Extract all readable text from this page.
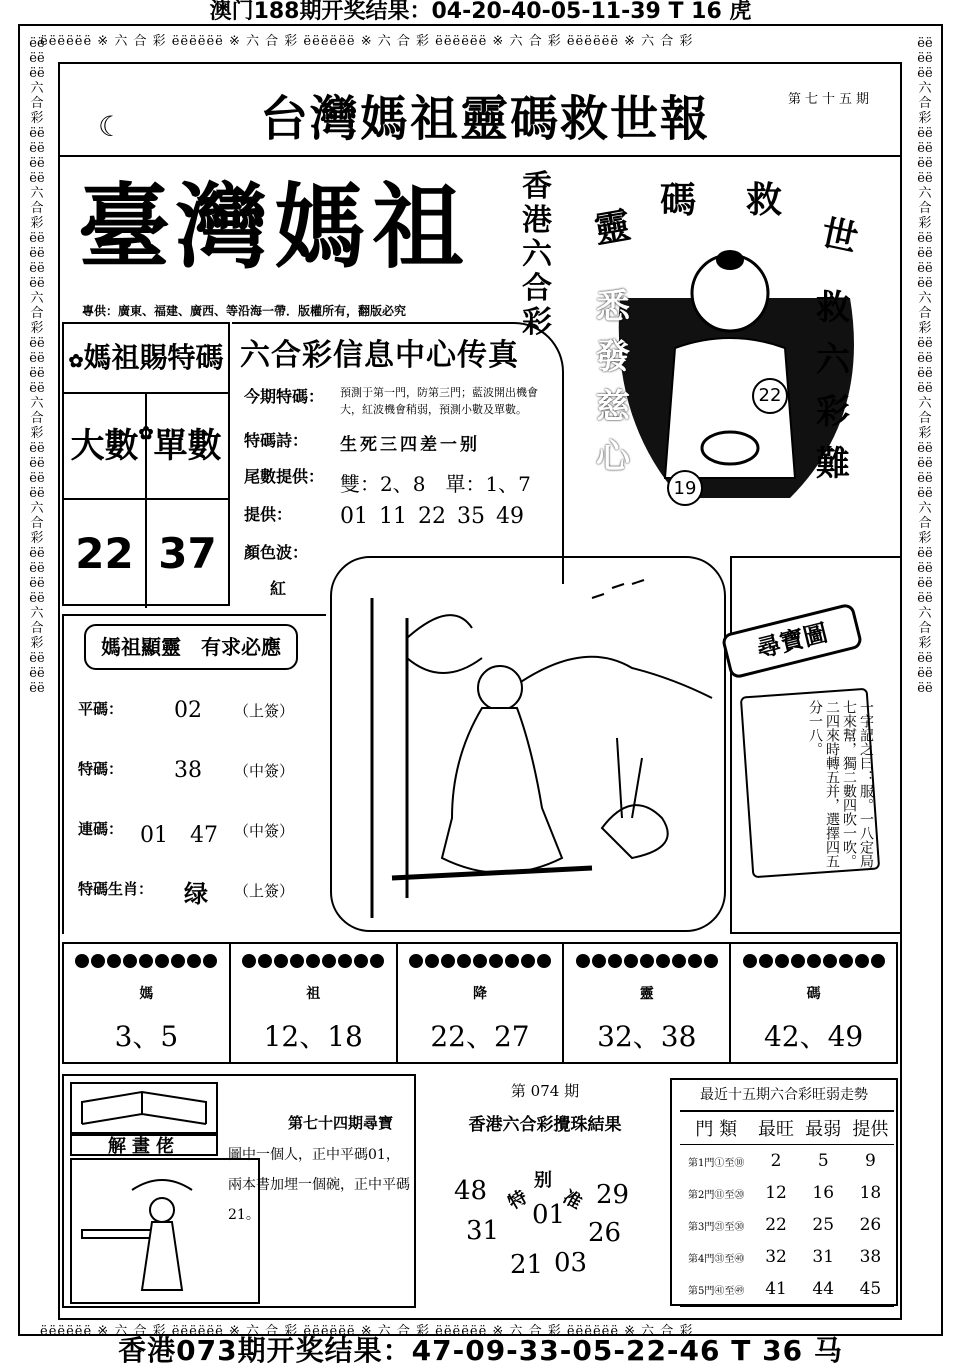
澳门188期开奖结果：04-20-40-05-11-39 T 16 虎
香港073期开奖结果：47-09-33-05-22-46 T 36 马
ëëëëëë ※ 六 合 彩 ëëëëëë ※ 六 合 彩 ëëëëëë ※ 六 合 彩 ëëëëëë ※ 六 合 彩 ëëëëëë ※ 六 合 彩
ëëëëëë ※ 六 合 彩 ëëëëëë ※ 六 合 彩 ëëëëëë ※ 六 合 彩 ëëëëëë ※ 六 合 彩 ëëëëëë ※ 六 合 彩
ëëëëëë六合彩ëëëëëëëë六合彩ëëëëëëëë六合彩ëëëëëëëë六合彩ëëëëëëëë六合彩ëëëëëëëë六合彩ëëëëëë
ëëëëëë六合彩ëëëëëëëë六合彩ëëëëëëëë六合彩ëëëëëëëë六合彩ëëëëëëëë六合彩ëëëëëëëë六合彩ëëëëëë
台灣媽祖靈碼救世報	第七十五期
☾
臺灣媽祖 香港六合彩
專供：廣東、福建、廣西、等沿海一帶．版權所有，翻版必究
靈
碼 救
世
悉發慈心
救六彩難
22
19
✿媽祖賜特碼✿
大數 單數
22 37
六合彩信息中心传真
今期特碼： 預測于第一門，防第三門；藍波開出機會大，紅波機會稍弱，預測小數及單數。
特碼詩： 生死三四差一别
尾數提供： 雙：2、8　單：1、7
提供： 01 11 22 35 49
顏色波：
紅
媽祖顯靈　有求必應
平碼： 02 （上簽）
特碼： 38 （中簽）
連碼： 01　47 （中簽）
特碼生肖： 绿 （上簽）
尋寶圖
一字記之曰：服。一八定局七來幫，獨二數四吹一吹。二四來時轉五并，選擇四五分一八。
媽
3、5
祖
12、18
降
22、27
靈
32、38
碼
42、49
解畫佬
第七十四期尋寶
圖中一個人，正中平碼01，兩本書加埋一個碗，正中平碼21。
第 074 期
香港六合彩攪珠結果
48
01
29
31	26
21 03
特
别
准
最近十五期六合彩旺弱走勢
門 類	最旺	最弱	提供
第1門①至⑩	2	5	9
第2門⑪至⑳	12	16	18
第3門㉑至㉚	22	25	26
第4門㉛至㊵	32	31	38
第5門㊶至㊾	41	44	45
